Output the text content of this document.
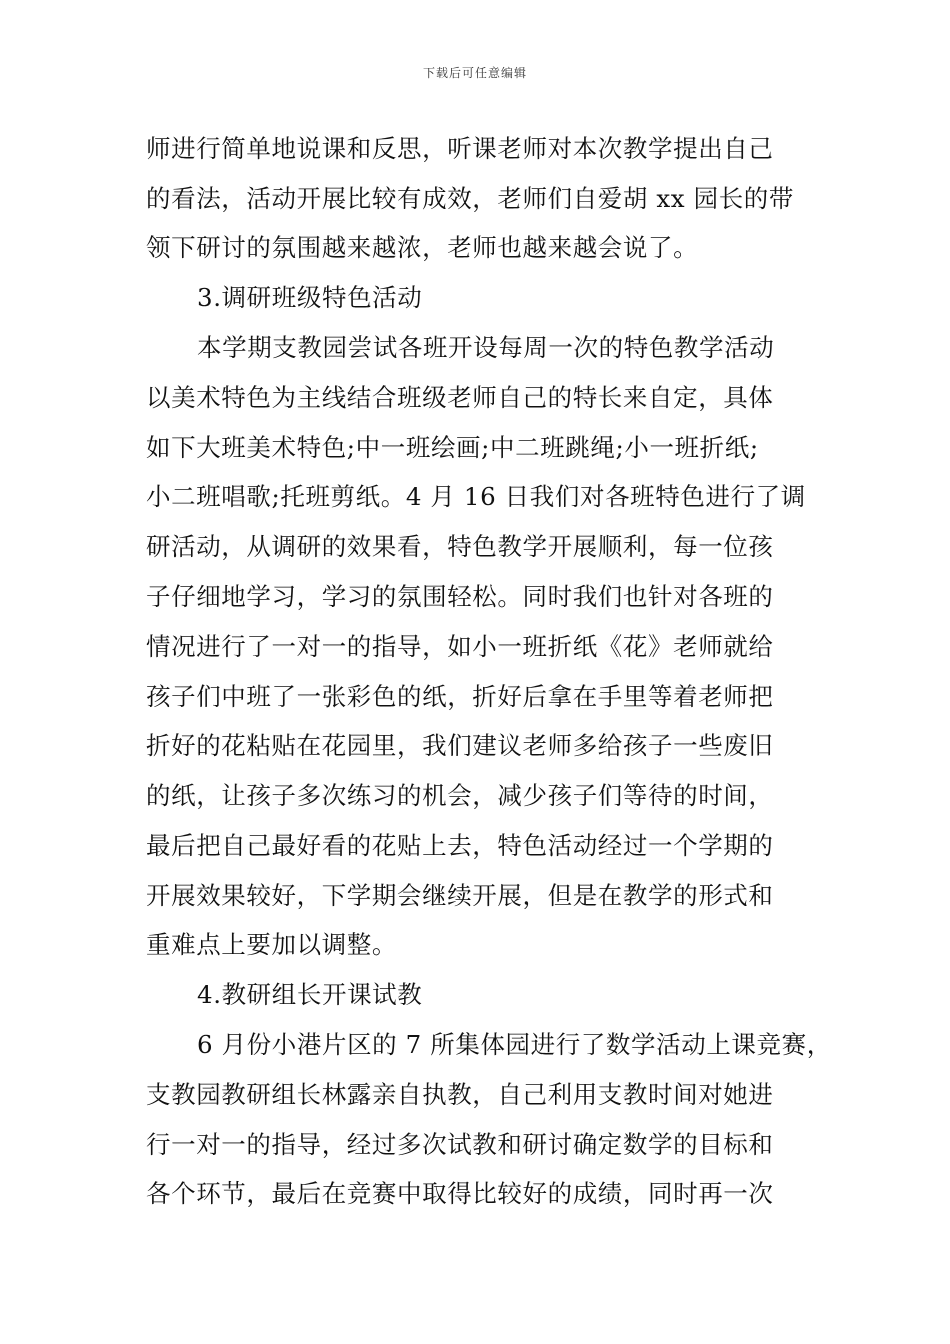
下载后可任意编辑
师进行简单地说课和反思，听课老师对本次教学提出自己
的看法，活动开展比较有成效，老师们自爱胡 xx 园长的带
领下研讨的氛围越来越浓，老师也越来越会说了。
3.调研班级特色活动
本学期支教园尝试各班开设每周一次的特色教学活动
以美术特色为主线结合班级老师自己的特长来自定，具体
如下大班美术特色;中一班绘画;中二班跳绳;小一班折纸;
小二班唱歌;托班剪纸。4 月 16 日我们对各班特色进行了调
研活动，从调研的效果看，特色教学开展顺利，每一位孩
子仔细地学习，学习的氛围轻松。同时我们也针对各班的
情况进行了一对一的指导，如小一班折纸《花》老师就给
孩子们中班了一张彩色的纸，折好后拿在手里等着老师把
折好的花粘贴在花园里，我们建议老师多给孩子一些废旧
的纸，让孩子多次练习的机会，减少孩子们等待的时间，
最后把自己最好看的花贴上去，特色活动经过一个学期的
开展效果较好，下学期会继续开展，但是在教学的形式和
重难点上要加以调整。
4.教研组长开课试教
6 月份小港片区的 7 所集体园进行了数学活动上课竞赛，
支教园教研组长林露亲自执教，自己利用支教时间对她进
行一对一的指导，经过多次试教和研讨确定数学的目标和
各个环节，最后在竞赛中取得比较好的成绩，同时再一次
